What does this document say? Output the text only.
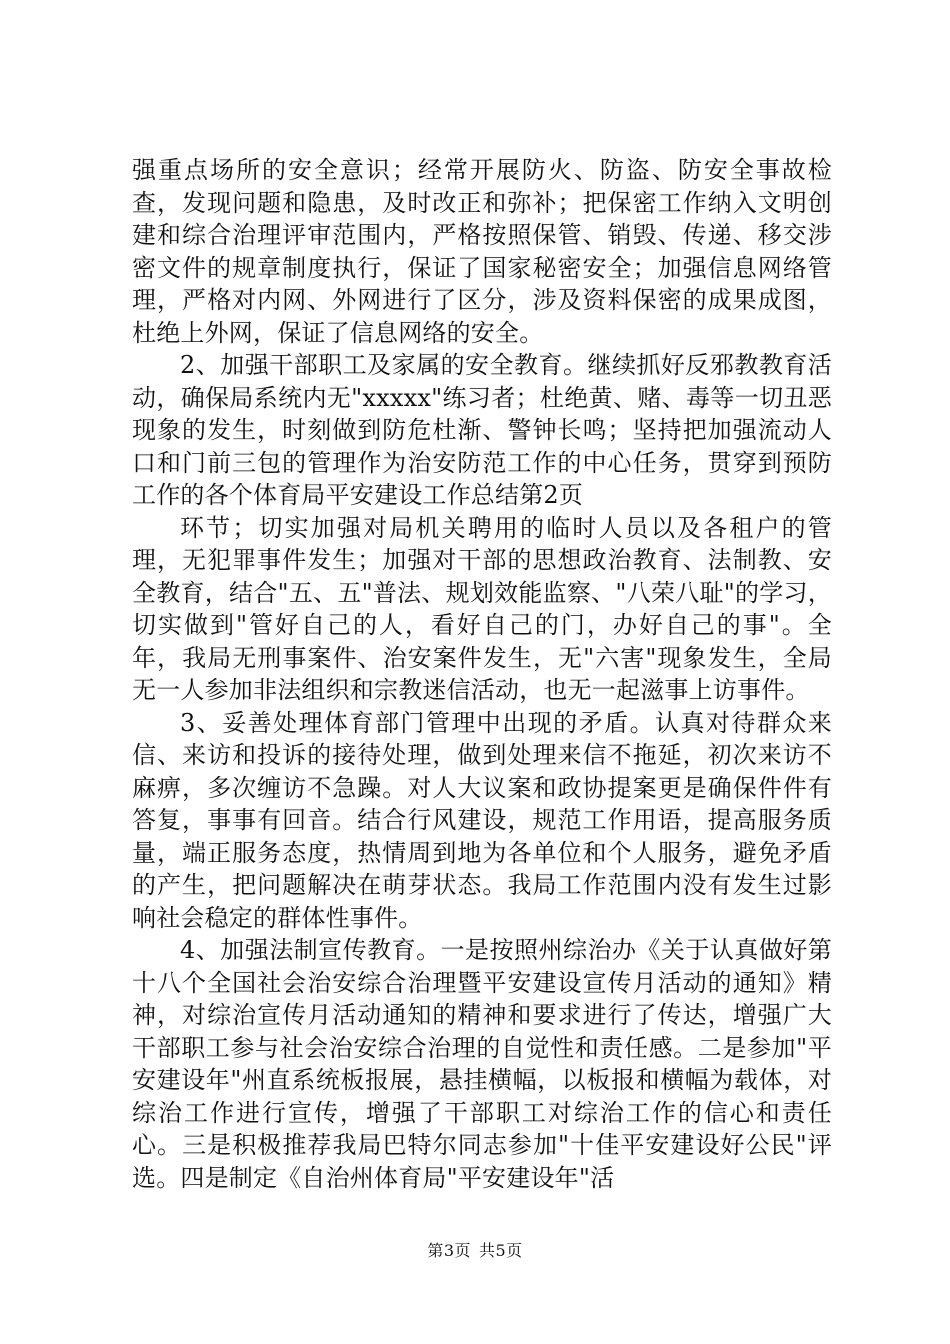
强重点场所的安全意识；经常开展防火、防盗、防安全事故检查，发现问题和隐患，及时改正和弥补；把保密工作纳入文明创建和综合治理评审范围内，严格按照保管、销毁、传递、移交涉密文件的规章制度执行，保证了国家秘密安全；加强信息网络管理，严格对内网、外网进行了区分，涉及资料保密的成果成图，杜绝上外网，保证了信息网络的安全。

2、加强干部职工及家属的安全教育。继续抓好反邪教教育活动，确保局系统内无"xxxxx"练习者；杜绝黄、赌、毒等一切丑恶现象的发生，时刻做到防危杜渐、警钟长鸣；坚持把加强流动人口和门前三包的管理作为治安防范工作的中心任务，贯穿到预防工作的各个体育局平安建设工作总结第2页

环节；切实加强对局机关聘用的临时人员以及各租户的管理，无犯罪事件发生；加强对干部的思想政治教育、法制教、安全教育，结合"五、五"普法、规划效能监察、"八荣八耻"的学习，切实做到"管好自己的人，看好自己的门，办好自己的事"。全年，我局无刑事案件、治安案件发生，无"六害"现象发生，全局无一人参加非法组织和宗教迷信活动，也无一起滋事上访事件。

3、妥善处理体育部门管理中出现的矛盾。认真对待群众来信、来访和投诉的接待处理，做到处理来信不拖延，初次来访不麻痹，多次缠访不急躁。对人大议案和政协提案更是确保件件有答复，事事有回音。结合行风建设，规范工作用语，提高服务质量，端正服务态度，热情周到地为各单位和个人服务，避免矛盾的产生，把问题解决在萌芽状态。我局工作范围内没有发生过影响社会稳定的群体性事件。

4、加强法制宣传教育。一是按照州综治办《关于认真做好第十八个全国社会治安综合治理暨平安建设宣传月活动的通知》精神，对综治宣传月活动通知的精神和要求进行了传达，增强广大干部职工参与社会治安综合治理的自觉性和责任感。二是参加"平安建设年"州直系统板报展，悬挂横幅，以板报和横幅为载体，对综治工作进行宣传，增强了干部职工对综治工作的信心和责任心。三是积极推荐我局巴特尔同志参加"十佳平安建设好公民"评选。四是制定《自治州体育局"平安建设年"活

第3页 共5页
